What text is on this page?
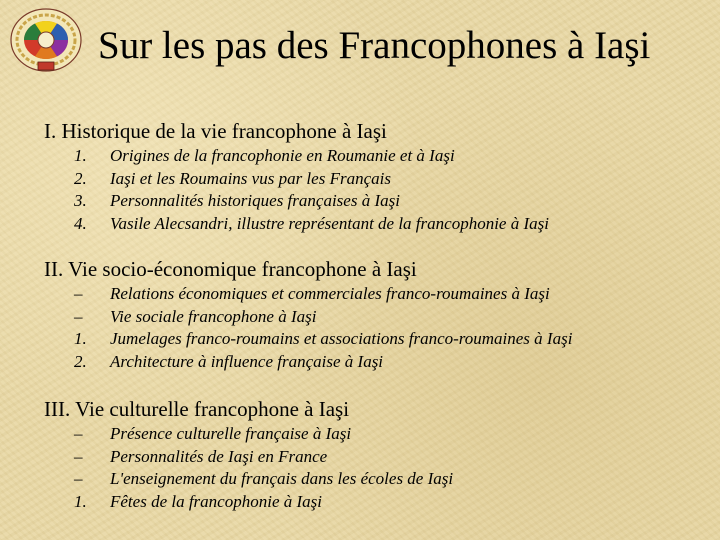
Sur les pas des Francophones à Iaşi
I. Historique de la vie francophone à Iaşi
1.	Origines de la francophonie en Roumanie et à Iaşi
2.	Iaşi et les Roumains vus par les Français
3.	Personnalités historiques françaises à Iaşi
4.	Vasile Alecsandri, illustre représentant de la francophonie à Iaşi
II. Vie socio-économique francophone à Iaşi
–	Relations économiques et commerciales franco-roumaines à Iaşi
–	Vie sociale francophone à Iaşi
1.	Jumelages franco-roumains et associations franco-roumaines à Iaşi
2.	Architecture à influence française à Iaşi
III. Vie culturelle francophone à Iaşi
–	Présence culturelle française à Iaşi
–	Personnalités de Iaşi en France
–	L'enseignement du français dans les écoles de Iaşi
1.	Fêtes de la francophonie à Iaşi
